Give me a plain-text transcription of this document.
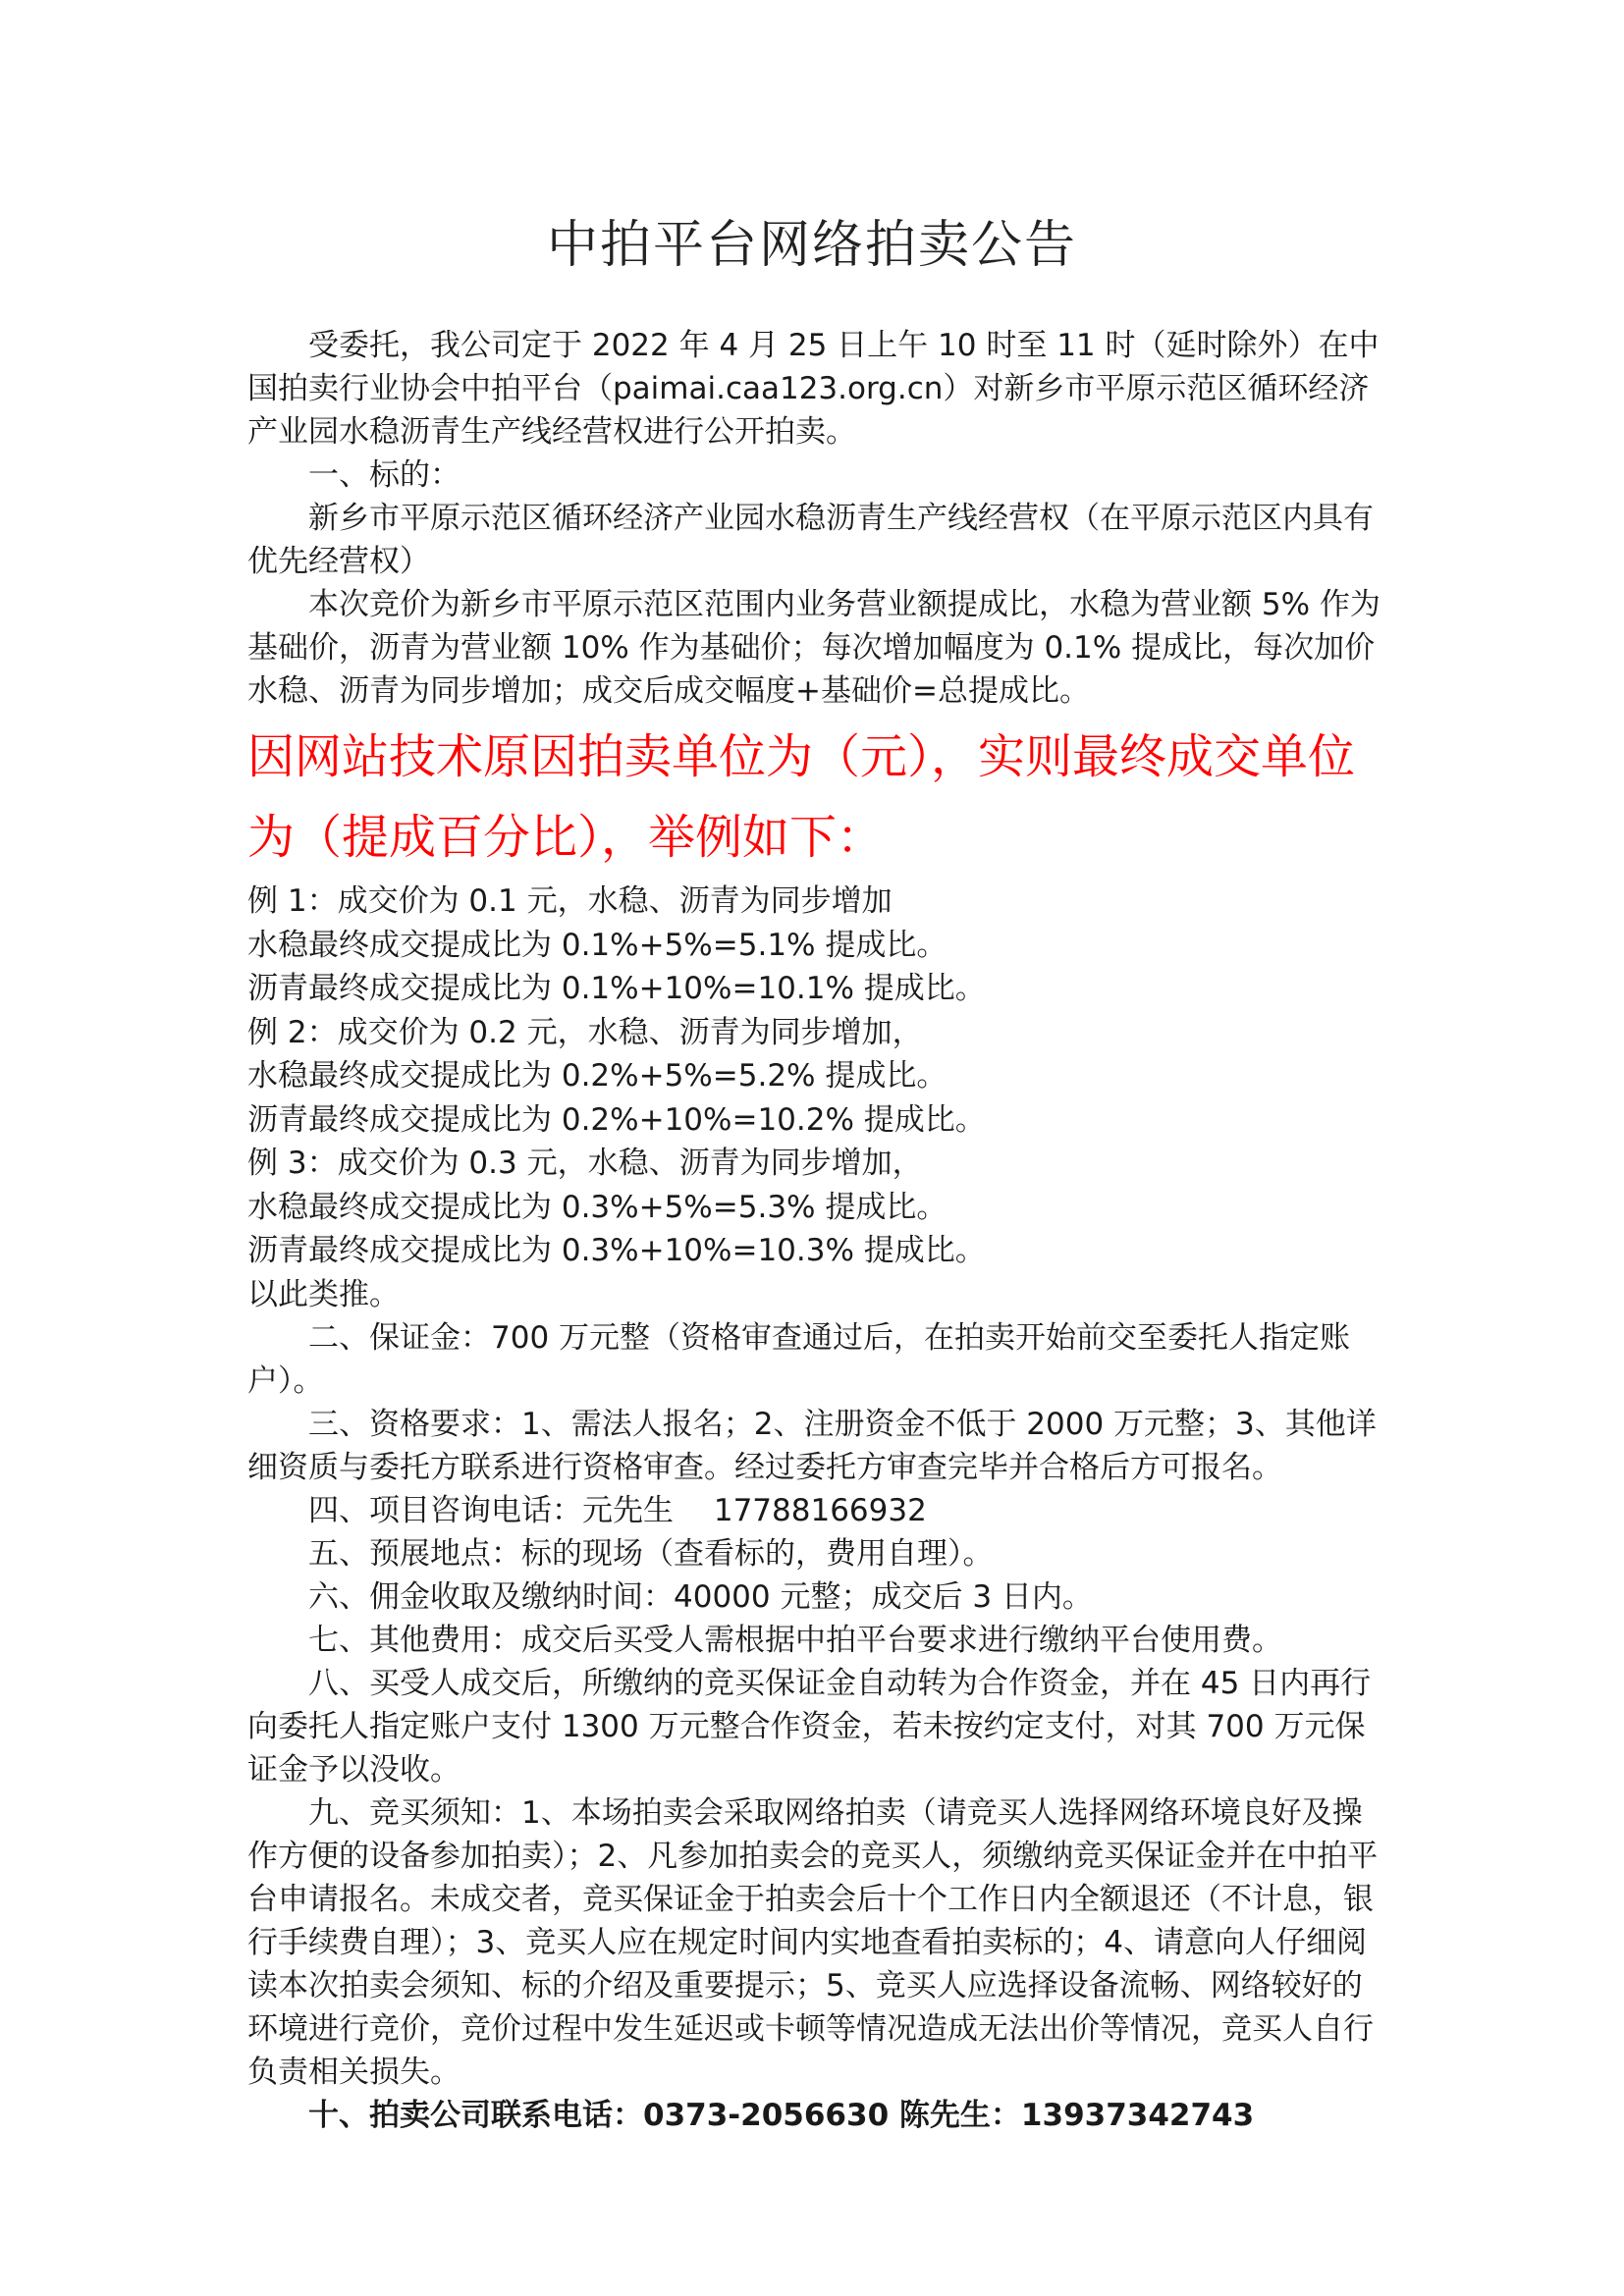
中拍平台网络拍卖公告

受委托，我公司定于 2022 年 4 月 25 日上午 10 时至 11 时（延时除外）在中国拍卖行业协会中拍平台（paimai.caa123.org.cn）对新乡市平原示范区循环经济产业园水稳沥青生产线经营权进行公开拍卖。

一、标的：

新乡市平原示范区循环经济产业园水稳沥青生产线经营权（在平原示范区内具有优先经营权）

本次竞价为新乡市平原示范区范围内业务营业额提成比，水稳为营业额 5% 作为基础价，沥青为营业额 10% 作为基础价；每次增加幅度为 0.1% 提成比，每次加价水稳、沥青为同步增加；成交后成交幅度+基础价=总提成比。

因网站技术原因拍卖单位为（元），实则最终成交单位为（提成百分比），举例如下：

例 1：成交价为 0.1 元，水稳、沥青为同步增加

水稳最终成交提成比为 0.1%+5%=5.1% 提成比。

沥青最终成交提成比为 0.1%+10%=10.1% 提成比。

例 2：成交价为 0.2 元，水稳、沥青为同步增加，

水稳最终成交提成比为 0.2%+5%=5.2% 提成比。

沥青最终成交提成比为 0.2%+10%=10.2% 提成比。

例 3：成交价为 0.3 元，水稳、沥青为同步增加，

水稳最终成交提成比为 0.3%+5%=5.3% 提成比。

沥青最终成交提成比为 0.3%+10%=10.3% 提成比。

以此类推。

二、保证金：700 万元整（资格审查通过后，在拍卖开始前交至委托人指定账户）。

三、资格要求：1、需法人报名；2、注册资金不低于 2000 万元整；3、其他详细资质与委托方联系进行资格审查。经过委托方审查完毕并合格后方可报名。

四、项目咨询电话：元先生　 17788166932

五、预展地点：标的现场（查看标的，费用自理）。

六、佣金收取及缴纳时间：40000 元整；成交后 3 日内。

七、其他费用：成交后买受人需根据中拍平台要求进行缴纳平台使用费。

八、买受人成交后，所缴纳的竞买保证金自动转为合作资金，并在 45 日内再行向委托人指定账户支付 1300 万元整合作资金，若未按约定支付，对其 700 万元保证金予以没收。

九、竞买须知：1、本场拍卖会采取网络拍卖（请竞买人选择网络环境良好及操作方便的设备参加拍卖）；2、凡参加拍卖会的竞买人，须缴纳竞买保证金并在中拍平台申请报名。未成交者，竞买保证金于拍卖会后十个工作日内全额退还（不计息，银行手续费自理）；3、竞买人应在规定时间内实地查看拍卖标的；4、请意向人仔细阅读本次拍卖会须知、标的介绍及重要提示；5、竞买人应选择设备流畅、网络较好的环境进行竞价，竞价过程中发生延迟或卡顿等情况造成无法出价等情况，竞买人自行负责相关损失。

十、拍卖公司联系电话：0373-2056630 陈先生：13937342743
